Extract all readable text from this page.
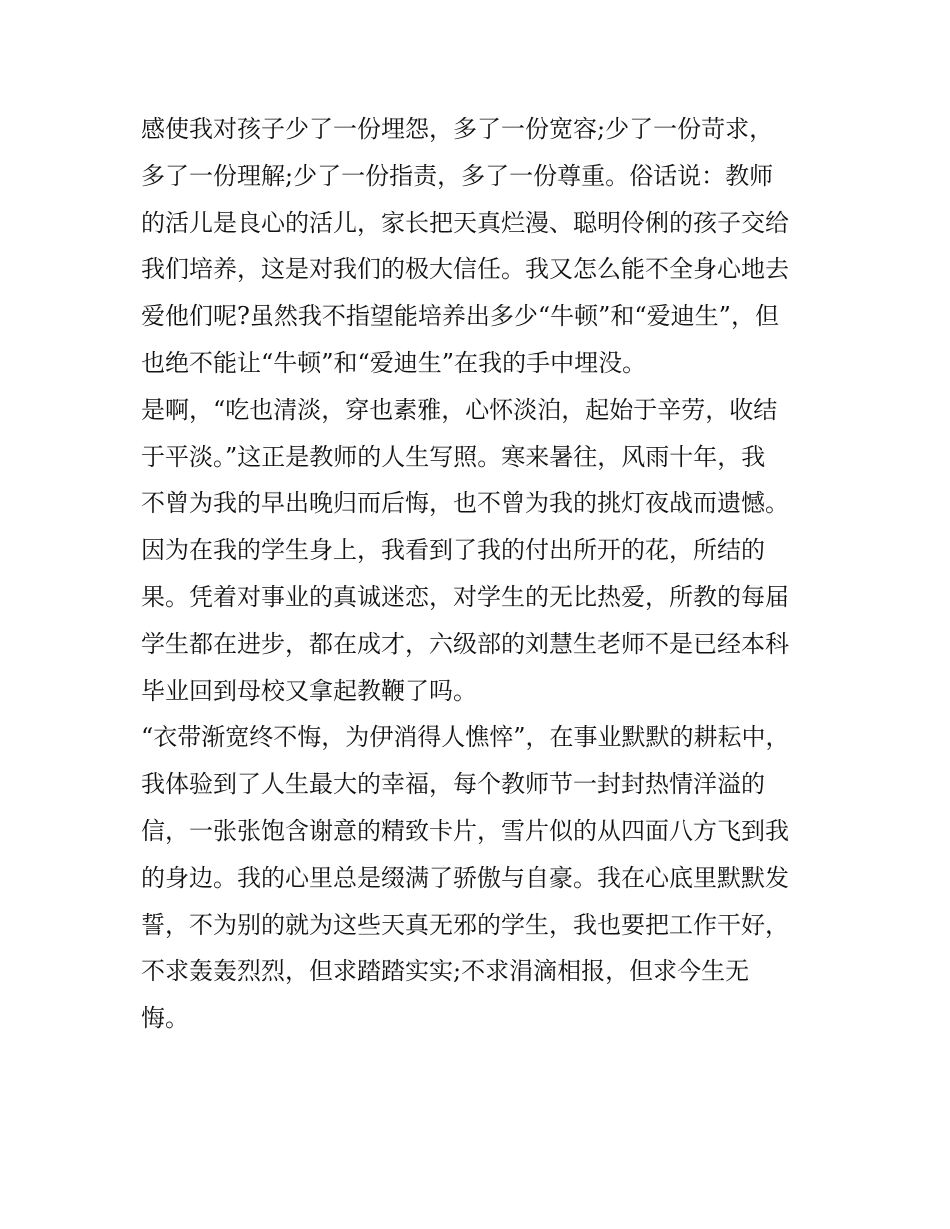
感使我对孩子少了一份埋怨，多了一份宽容;少了一份苛求，
多了一份理解;少了一份指责，多了一份尊重。俗话说：教师
的活儿是良心的活儿，家长把天真烂漫、聪明伶俐的孩子交给
我们培养，这是对我们的极大信任。我又怎么能不全身心地去
爱他们呢?虽然我不指望能培养出多少“牛顿”和“爱迪生”，但
也绝不能让“牛顿”和“爱迪生”在我的手中埋没。
是啊，“吃也清淡，穿也素雅，心怀淡泊，起始于辛劳，收结
于平淡。”这正是教师的人生写照。寒来暑往，风雨十年，我
不曾为我的早出晚归而后悔，也不曾为我的挑灯夜战而遗憾。
因为在我的学生身上，我看到了我的付出所开的花，所结的
果。凭着对事业的真诚迷恋，对学生的无比热爱，所教的每届
学生都在进步，都在成才，六级部的刘慧生老师不是已经本科
毕业回到母校又拿起教鞭了吗。
“衣带渐宽终不悔，为伊消得人憔悴”，在事业默默的耕耘中，
我体验到了人生最大的幸福，每个教师节一封封热情洋溢的
信，一张张饱含谢意的精致卡片，雪片似的从四面八方飞到我
的身边。我的心里总是缀满了骄傲与自豪。我在心底里默默发
誓，不为别的就为这些天真无邪的学生，我也要把工作干好，
不求轰轰烈烈，但求踏踏实实;不求涓滴相报，但求今生无
悔。
